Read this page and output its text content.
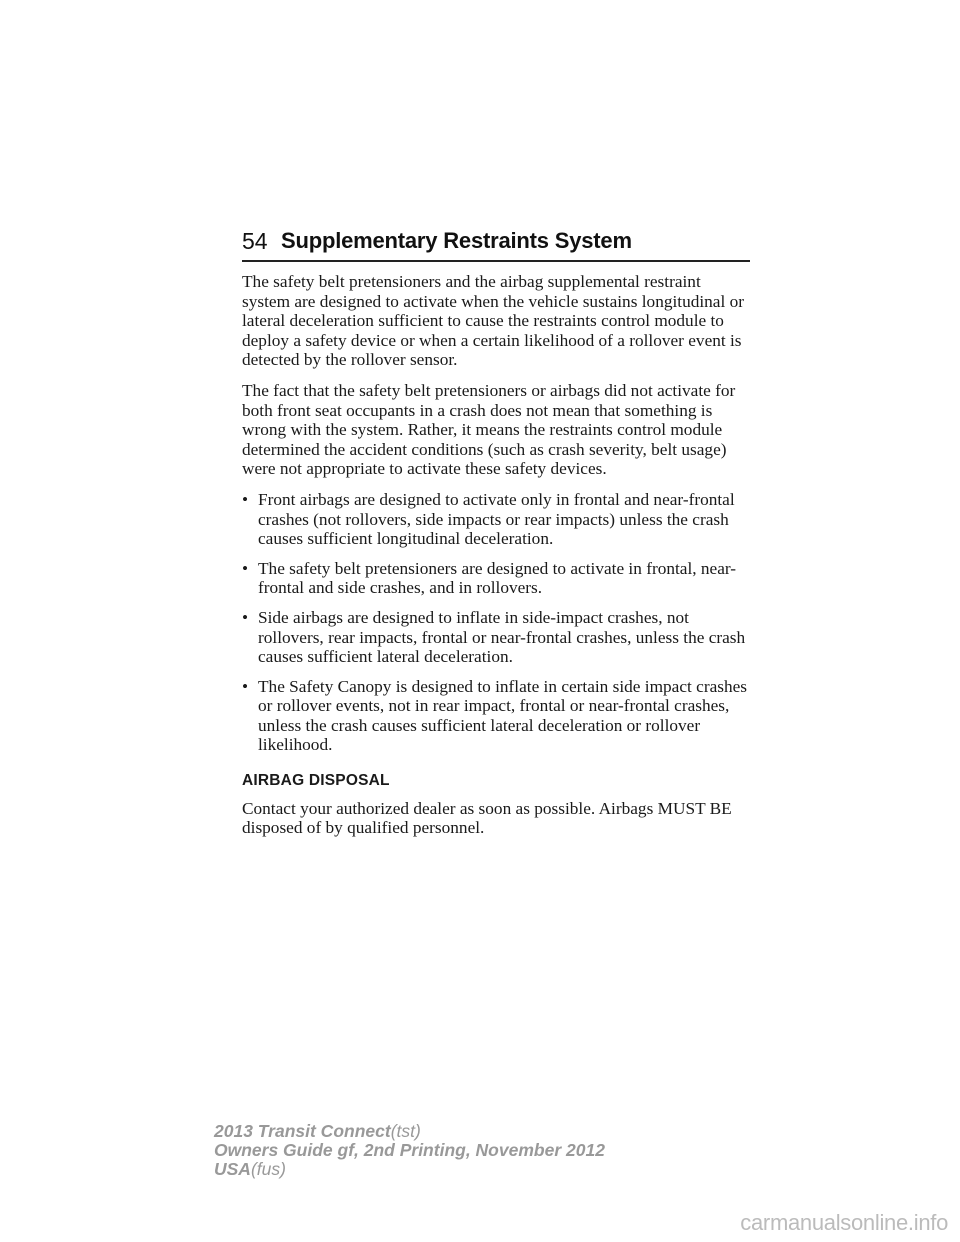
54 Supplementary Restraints System

The safety belt pretensioners and the airbag supplemental restraint system are designed to activate when the vehicle sustains longitudinal or lateral deceleration sufficient to cause the restraints control module to deploy a safety device or when a certain likelihood of a rollover event is detected by the rollover sensor.

The fact that the safety belt pretensioners or airbags did not activate for both front seat occupants in a crash does not mean that something is wrong with the system. Rather, it means the restraints control module determined the accident conditions (such as crash severity, belt usage) were not appropriate to activate these safety devices.

• Front airbags are designed to activate only in frontal and near-frontal crashes (not rollovers, side impacts or rear impacts) unless the crash causes sufficient longitudinal deceleration.
• The safety belt pretensioners are designed to activate in frontal, near-frontal and side crashes, and in rollovers.
• Side airbags are designed to inflate in side-impact crashes, not rollovers, rear impacts, frontal or near-frontal crashes, unless the crash causes sufficient lateral deceleration.
• The Safety Canopy is designed to inflate in certain side impact crashes or rollover events, not in rear impact, frontal or near-frontal crashes, unless the crash causes sufficient lateral deceleration or rollover likelihood.
AIRBAG DISPOSAL

Contact your authorized dealer as soon as possible. Airbags MUST BE disposed of by qualified personnel.

2013 Transit Connect(tst)
Owners Guide gf, 2nd Printing, November 2012
USA(fus)
carmanualsonline.info
